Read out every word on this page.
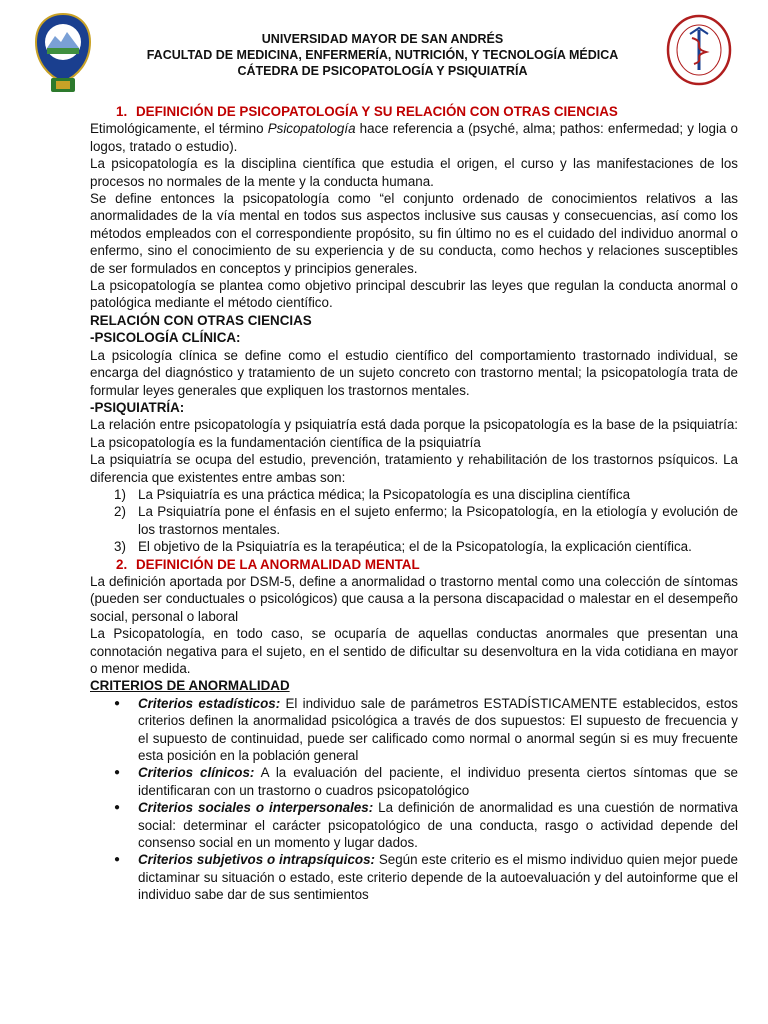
UNIVERSIDAD MAYOR DE SAN ANDRÉS
FACULTAD DE MEDICINA, ENFERMERÍA, NUTRICIÓN, Y TECNOLOGÍA MÉDICA
CÁTEDRA DE PSICOPATOLOGÍA Y PSIQUIATRÍA

1. DEFINICIÓN DE PSICOPATOLOGÍA Y SU RELACIÓN CON OTRAS CIENCIAS

Etimológicamente, el término Psicopatología hace referencia a (psyché, alma; pathos: enfermedad; y logia o logos, tratado o estudio).

La psicopatología es la disciplina científica que estudia el origen, el curso y las manifestaciones de los procesos no normales de la mente y la conducta humana.

Se define entonces la psicopatología como “el conjunto ordenado de conocimientos relativos a las anormalidades de la vía mental en todos sus aspectos inclusive sus causas y consecuencias, así como los métodos empleados con el correspondiente propósito, su fin último no es el cuidado del individuo anormal o enfermo, sino el conocimiento de su experiencia y de su conducta, como hechos y relaciones susceptibles de ser formulados en conceptos y principios generales.

La psicopatología se plantea como objetivo principal descubrir las leyes que regulan la conducta anormal o patológica mediante el método científico.

RELACIÓN CON OTRAS CIENCIAS

-PSICOLOGÍA CLÍNICA:

La psicología clínica se define como el estudio científico del comportamiento trastornado individual, se encarga del diagnóstico y tratamiento de un sujeto concreto con trastorno mental; la psicopatología trata de formular leyes generales que expliquen los trastornos mentales.

-PSIQUIATRÍA:

La relación entre psicopatología y psiquiatría está dada porque la psicopatología es la base de la psiquiatría: La psicopatología es la fundamentación científica de la psiquiatría

La psiquiatría se ocupa del estudio, prevención, tratamiento y rehabilitación de los trastornos psíquicos. La diferencia que existentes entre ambas son:

1) La Psiquiatría es una práctica médica; la Psicopatología es una disciplina científica
2) La Psiquiatría pone el énfasis en el sujeto enfermo; la Psicopatología, en la etiología y evolución de los trastornos mentales.
3) El objetivo de la Psiquiatría es la terapéutica; el de la Psicopatología, la explicación científica.

2. DEFINICIÓN DE LA ANORMALIDAD MENTAL

La definición aportada por DSM-5, define a anormalidad o trastorno mental como una colección de síntomas (pueden ser conductuales o psicológicos) que causa a la persona discapacidad o malestar en el desempeño social, personal o laboral

La Psicopatología, en todo caso, se ocuparía de aquellas conductas anormales que presentan una connotación negativa para el sujeto, en el sentido de dificultar su desenvoltura en la vida cotidiana en mayor o menor medida.

CRITERIOS DE ANORMALIDAD

● Criterios estadísticos: El individuo sale de parámetros ESTADÍSTICAMENTE establecidos, estos criterios definen la anormalidad psicológica a través de dos supuestos: El supuesto de frecuencia y el supuesto de continuidad, puede ser calificado como normal o anormal según si es muy frecuente esta posición en la población general
● Criterios clínicos: A la evaluación del paciente, el individuo presenta ciertos síntomas que se identificaran con un trastorno o cuadros psicopatológico
● Criterios sociales o interpersonales: La definición de anormalidad es una cuestión de normativa social: determinar el carácter psicopatológico de una conducta, rasgo o actividad depende del consenso social en un momento y lugar dados.
● Criterios subjetivos o intrapsíquicos: Según este criterio es el mismo individuo quien mejor puede dictaminar su situación o estado, este criterio depende de la autoevaluación y del autoinforme que el individuo sabe dar de sus sentimientos
